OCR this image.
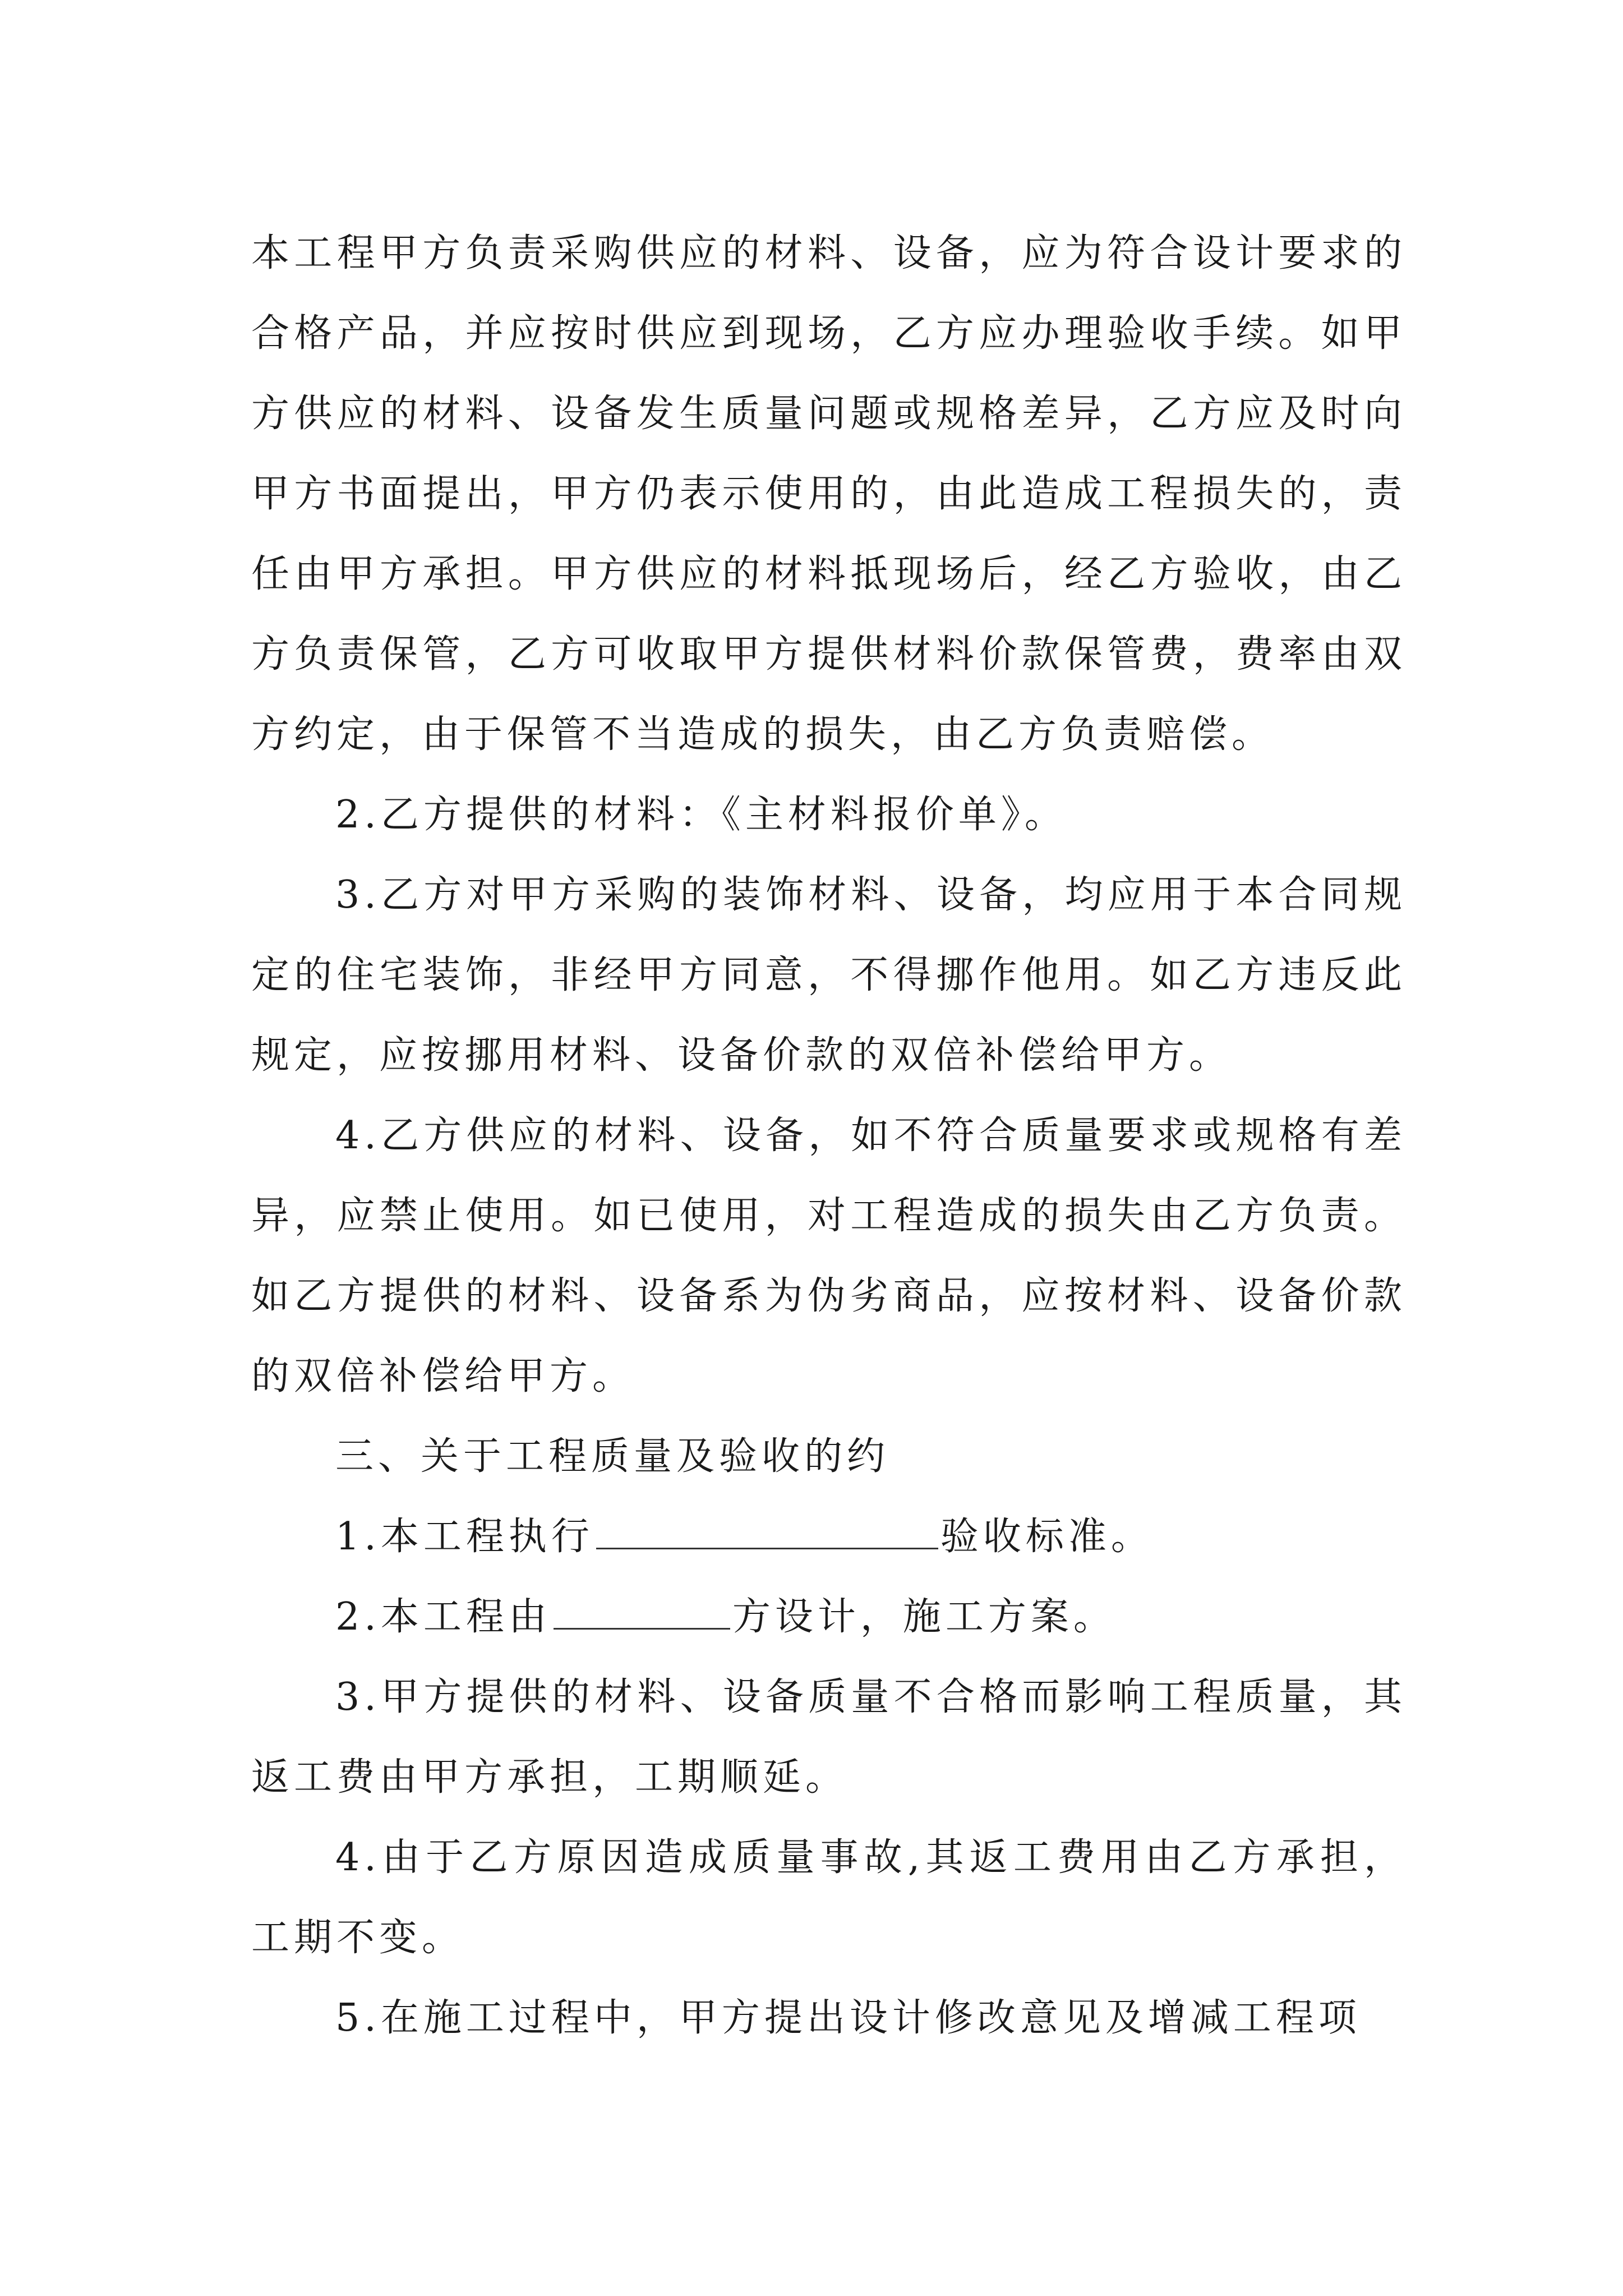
本工程甲方负责采购供应的材料、设备，应为符合设计要求的合格产品，并应按时供应到现场，乙方应办理验收手续。如甲方供应的材料、设备发生质量问题或规格差异，乙方应及时向甲方书面提出，甲方仍表示使用的，由此造成工程损失的，责任由甲方承担。甲方供应的材料抵现场后，经乙方验收，由乙方负责保管，乙方可收取甲方提供材料价款保管费，费率由双方约定，由于保管不当造成的损失，由乙方负责赔偿。

2.乙方提供的材料：《主材料报价单》。

3.乙方对甲方采购的装饰材料、设备，均应用于本合同规定的住宅装饰，非经甲方同意，不得挪作他用。如乙方违反此规定，应按挪用材料、设备价款的双倍补偿给甲方。

4.乙方供应的材料、设备，如不符合质量要求或规格有差异，应禁止使用。如已使用，对工程造成的损失由乙方负责。如乙方提供的材料、设备系为伪劣商品，应按材料、设备价款的双倍补偿给甲方。

三、关于工程质量及验收的约

1.本工程执行	验收标准。

2.本工程由	方设计，施工方案。

3.甲方提供的材料、设备质量不合格而影响工程质量，其返工费由甲方承担，工期顺延。

4.由于乙方原因造成质量事故,其返工费用由乙方承担，工期不变。

5.在施工过程中，甲方提出设计修改意见及增减工程项
